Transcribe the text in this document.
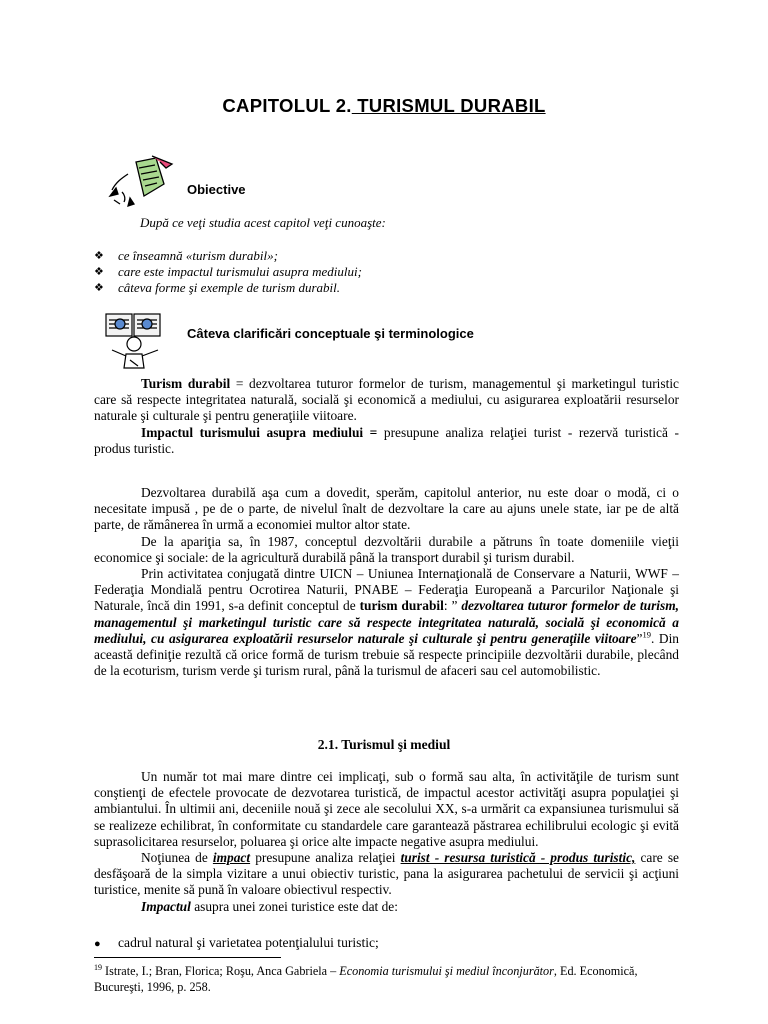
CAPITOLUL 2. TURISMUL DURABIL
Obiective
După ce veţi studia acest capitol veţi cunoaşte:
❖ ce înseamnă «turism durabil»;
❖ care este impactul turismului asupra mediului;
❖ câteva forme şi exemple de turism durabil.
Câteva clarificări conceptuale şi terminologice

Turism durabil = dezvoltarea tuturor formelor de turism, managementul şi marketingul turistic care să respecte integritatea naturală, socială şi economică a mediului, cu asigurarea exploatării resurselor naturale şi culturale şi pentru generaţiile viitoare.

Impactul turismului asupra mediului = presupune analiza relaţiei turist - rezervă turistică - produs turistic.

Dezvoltarea durabilă aşa cum a dovedit, sperăm, capitolul anterior, nu este doar o modă, ci o necesitate impusă , pe de o parte, de nivelul înalt de dezvoltare la care au ajuns unele state, iar pe de altă parte, de rămânerea în urmă a economiei multor altor state.

De la apariţia sa, în 1987, conceptul dezvoltării durabile a pătruns în toate domeniile vieţii economice şi sociale: de la agricultură durabilă până la transport durabil şi turism durabil.

Prin activitatea conjugată dintre UICN – Uniunea Internaţională de Conservare a Naturii, WWF – Federaţia Mondială pentru Ocrotirea Naturii, PNABE – Federaţia Europeană a Parcurilor Naţionale şi Naturale, încă din 1991, s-a definit conceptul de turism durabil: ” dezvoltarea tuturor formelor de turism, managementul şi marketingul turistic care să respecte integritatea naturală, socială şi economică a mediului, cu asigurarea exploatării resurselor naturale şi culturale şi pentru generaţiile viitoare”$^{19}$. Din această definiţie rezultă că orice formă de turism trebuie să respecte principiile dezvoltării durabile, plecând de la ecoturism, turism verde şi turism rural, până la turismul de afaceri sau cel automobilistic.

2.1. Turismul şi mediul

Un număr tot mai mare dintre cei implicaţi, sub o formă sau alta, în activităţile de turism sunt conştienţi de efectele provocate de dezvotarea turistică, de impactul acestor activităţi asupra populaţiei şi ambiantului. În ultimii ani, deceniile nouă şi zece ale secolului XX, s-a urmărit ca expansiunea turismului să se realizeze echilibrat, în conformitate cu standardele care garantează păstrarea echilibrului ecologic şi evită suprasolicitarea resurselor, poluarea şi orice alte impacte negative asupra mediului.

Noţiunea de impact presupune analiza relaţiei turist - resursa turistică - produs turistic, care se desfăşoară de la simpla vizitare a unui obiectiv turistic, pana la asigurarea pachetului de servicii şi acţiuni turistice, menite să pună în valoare obiectivul respectiv.

Impactul asupra unei zonei turistice este dat de:

● cadrul natural şi varietatea potenţialului turistic;
$^{19}$ Istrate, I.; Bran, Florica; Roşu, Anca Gabriela – Economia turismului şi mediul înconjurător, Ed. Economică, Bucureşti, 1996, p. 258.
